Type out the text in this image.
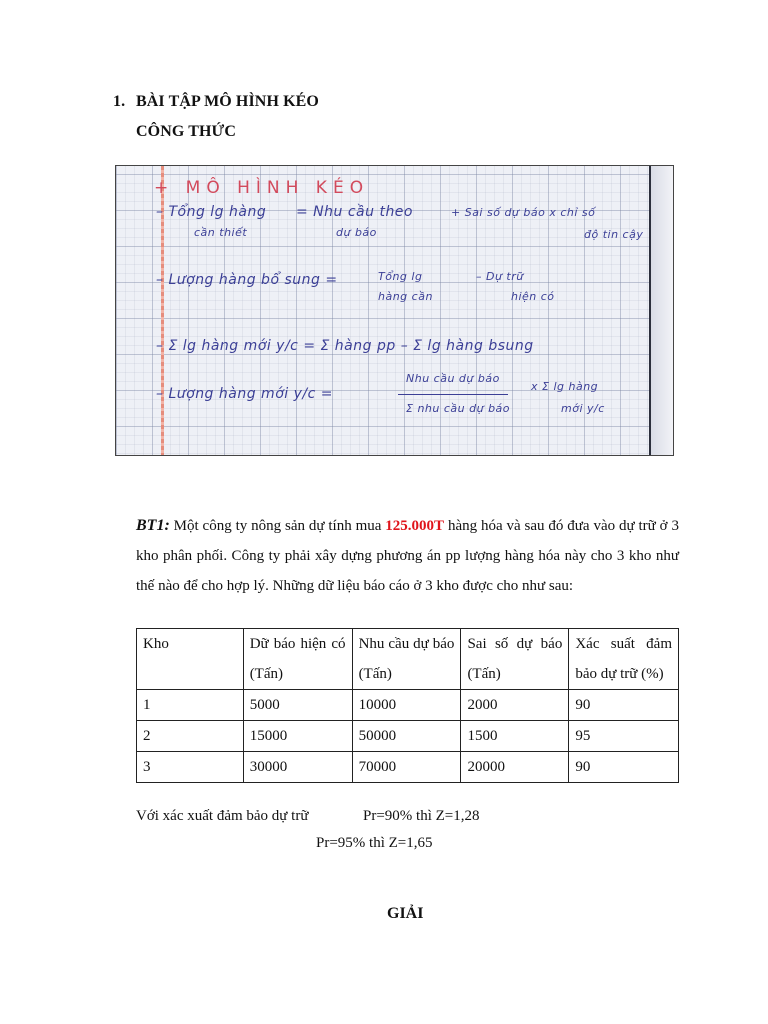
1. BÀI TẬP MÔ HÌNH KÉO
CÔNG THỨC
+ MÔ HÌNH KÉO
– Tổng lg hàng
cần thiết
= Nhu cầu theo
dự báo
+ Sai số dự báo x chỉ số
độ tin cậy
– Lượng hàng bổ sung =	Tổng lg
hàng cần
– Dự trữ
hiện có
– Σ lg hàng mới y/c = Σ hàng pp – Σ lg hàng bsung
– Lượng hàng mới y/c =
Nhu cầu dự báo
Σ nhu cầu dự báo
x Σ lg hàng
mới y/c
BT1: Một công ty nông sản dự tính mua 125.000T hàng hóa và sau đó đưa vào dự trữ ở 3 kho phân phối. Công ty phải xây dựng phương án pp lượng hàng hóa này cho 3 kho như thế nào để cho hợp lý. Những dữ liệu báo cáo ở 3 kho được cho như sau:
Kho	Dữ báo hiện có (Tấn)	Nhu cầu dự báo (Tấn)	Sai số dự báo (Tấn)	Xác suất đảm bảo dự trữ (%)
1	5000	10000	2000	90
2	15000	50000	1500	95
3	30000	70000	20000	90
Với xác xuất đảm bảo dự trữ	Pr=90% thì Z=1,28
Pr=95% thì Z=1,65
GIẢI
